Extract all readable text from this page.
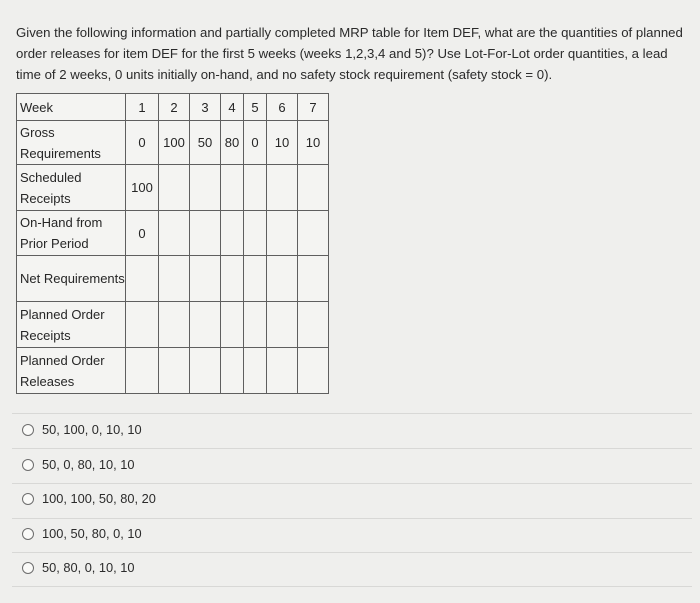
Given the following information and partially completed MRP table for Item DEF, what are the quantities of planned order releases for item DEF for the first 5 weeks (weeks 1,2,3,4 and 5)? Use Lot-For-Lot order quantities, a lead time of 2 weeks, 0 units initially on-hand, and no safety stock requirement (safety stock = 0).
Week	1	2	3	4	5	6	7
Gross Requirements	0	100	50	80	0	10	10
Scheduled Receipts	100						
On-Hand from Prior Period	0						
Net Requirements							
Planned Order Receipts							
Planned Order Releases							
50, 100, 0, 10, 10
50, 0, 80, 10, 10
100, 100, 50, 80, 20
100, 50, 80, 0, 10
50, 80, 0, 10, 10
